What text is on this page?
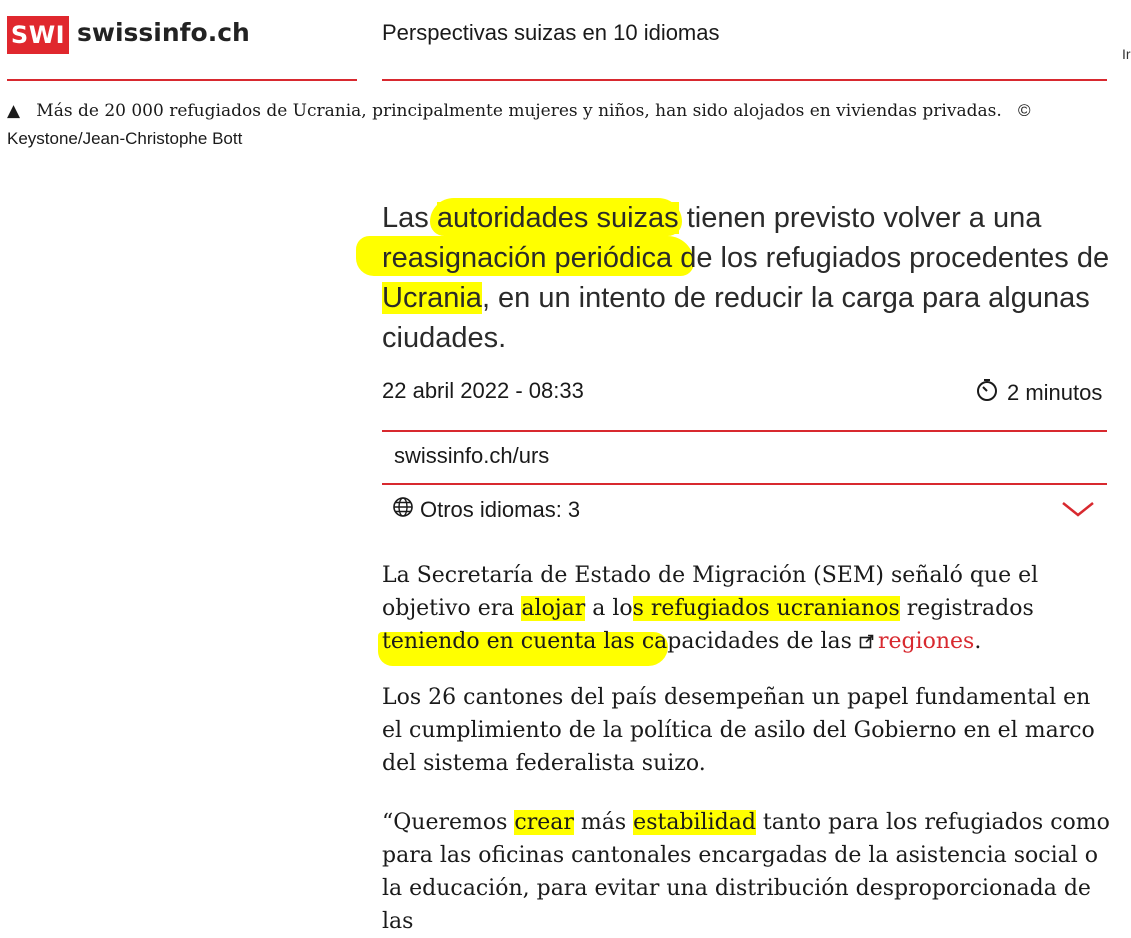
SWI swissinfo.ch	Perspectivas suizas en 10 idiomas
Ir
▲ Más de 20 000 refugiados de Ucrania, principalmente mujeres y niños, han sido alojados en viviendas privadas. © Keystone/Jean-Christophe Bott
Las autoridades suizas tienen previsto volver a una reasignación periódica de los refugiados procedentes de Ucrania, en un intento de reducir la carga para algunas ciudades.
22 abril 2022 - 08:33	2 minutos
swissinfo.ch/urs
Otros idiomas: 3
La Secretaría de Estado de Migración (SEM) señaló que el objetivo era alojar a los refugiados ucranianos registrados teniendo en cuenta las capacidades de las regiones.
Los 26 cantones del país desempeñan un papel fundamental en el cumplimiento de la política de asilo del Gobierno en el marco del sistema federalista suizo.
“Queremos crear más estabilidad tanto para los refugiados como para las oficinas cantonales encargadas de la asistencia social o la educación, para evitar una distribución desproporcionada de las
